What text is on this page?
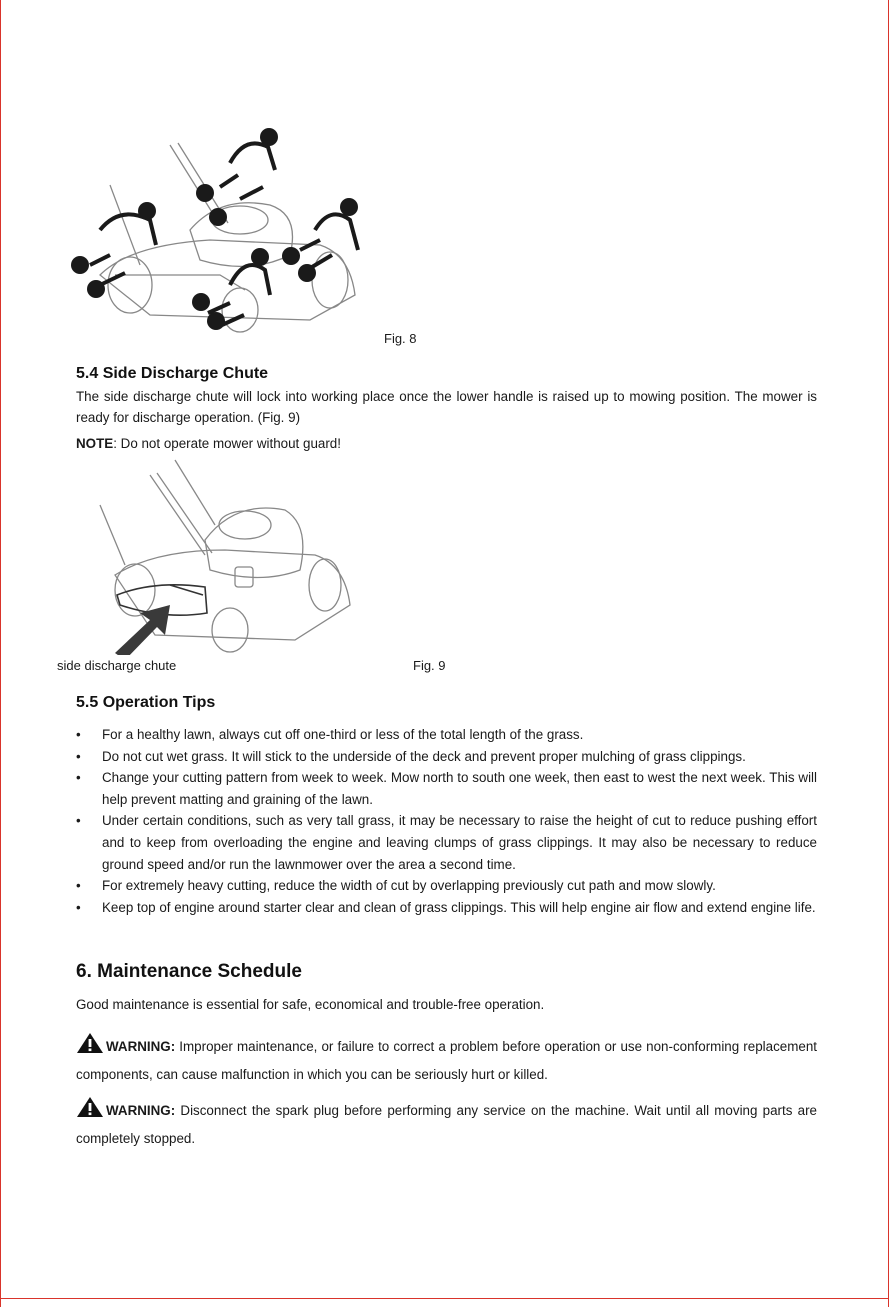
Fig. 8
5.4 Side Discharge Chute

The side discharge chute will lock into working place once the lower handle is raised up to mowing position. The mower is ready for discharge operation. (Fig. 9)

NOTE: Do not operate mower without guard!

side discharge chute	Fig. 9
5.5 Operation Tips
• For a healthy lawn, always cut off one-third or less of the total length of the grass.
• Do not cut wet grass. It will stick to the underside of the deck and prevent proper mulching of grass clippings.
• Change your cutting pattern from week to week. Mow north to south one week, then east to west the next week. This will help prevent matting and graining of the lawn.
• Under certain conditions, such as very tall grass, it may be necessary to raise the height of cut to reduce pushing effort and to keep from overloading the engine and leaving clumps of grass clippings. It may also be necessary to reduce ground speed and/or run the lawnmower over the area a second time.
• For extremely heavy cutting, reduce the width of cut by overlapping previously cut path and mow slowly.
• Keep top of engine around starter clear and clean of grass clippings. This will help engine air flow and extend engine life.
6. Maintenance Schedule

Good maintenance is essential for safe, economical and trouble-free operation.

WARNING: Improper maintenance, or failure to correct a problem before operation or use non-conforming replacement components, can cause malfunction in which you can be seriously hurt or killed.

WARNING: Disconnect the spark plug before performing any service on the machine. Wait until all moving parts are completely stopped.
